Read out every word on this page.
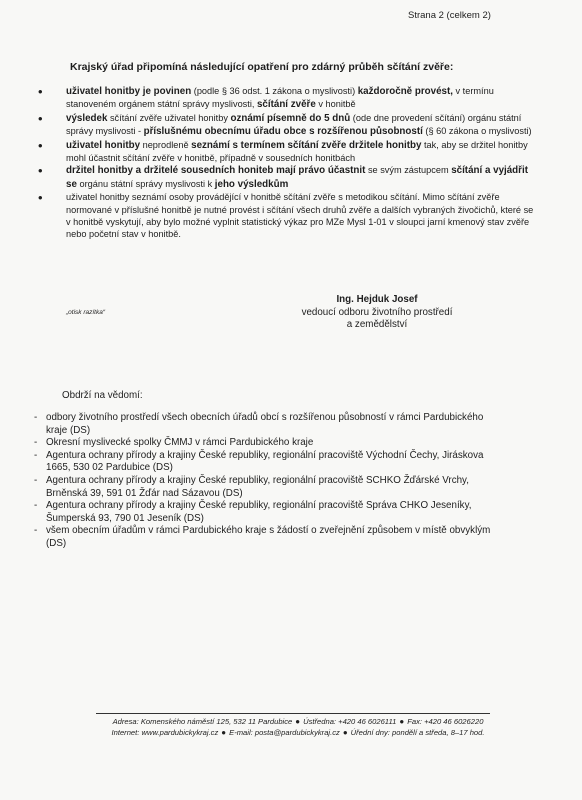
Strana 2 (celkem 2)
Krajský úřad připomíná následující opatření pro zdárný průběh sčítání zvěře:
• uživatel honitby je povinen (podle § 36 odst. 1 zákona o myslivosti) každoročně provést, v termínu stanoveném orgánem státní správy myslivosti, sčítání zvěře v honitbě
• výsledek sčítání zvěře uživatel honitby oznámí písemně do 5 dnů (ode dne provedení sčítání) orgánu státní správy myslivosti - příslušnému obecnímu úřadu obce s rozšířenou působností (§ 60 zákona o myslivosti)
• uživatel honitby neprodleně seznámí s termínem sčítání zvěře držitele honitby tak, aby se držitel honitby mohl účastnit sčítání zvěře v honitbě, případně v sousedních honitbách
• držitel honitby a držitelé sousedních honiteb mají právo účastnit se svým zástupcem sčítání a vyjádřit se orgánu státní správy myslivosti k jeho výsledkům
•	uživatel honitby seznámí osoby provádějící v honitbě sčítání zvěře s metodikou sčítání. Mimo sčítání zvěře normované v příslušné honitbě je nutné provést i sčítání všech druhů zvěře a dalších vybraných živočichů, které se v honitbě vyskytují, aby bylo možné vyplnit statistický výkaz pro MZe Mysl 1-01 v sloupci jarní kmenový stav zvěře nebo početní stav v honitbě.
„otisk razítka“
Ing. Hejduk Josef
vedoucí odboru životního prostředí
a zemědělství
Obdrží na vědomí:
- odbory životního prostředí všech obecních úřadů obcí s rozšířenou působností v rámci Pardubického kraje (DS)
- Okresní myslivecké spolky ČMMJ v rámci Pardubického kraje
- Agentura ochrany přírody a krajiny České republiky, regionální pracoviště Východní Čechy, Jiráskova 1665, 530 02 Pardubice (DS)
- Agentura ochrany přírody a krajiny České republiky, regionální pracoviště SCHKO Žďárské Vrchy, Brněnská 39, 591 01 Žďár nad Sázavou (DS)
- Agentura ochrany přírody a krajiny České republiky, regionální pracoviště Správa CHKO Jeseníky, Šumperská 93, 790 01 Jeseník (DS)
- všem obecním úřadům v rámci Pardubického kraje s žádostí o zveřejnění způsobem v místě obvyklým (DS)
Adresa: Komenského náměstí 125, 532 11 Pardubice ● Ústředna: +420 46 6026111 ● Fax: +420 46 6026220
Internet: www.pardubickykraj.cz ● E-mail: posta@pardubickykraj.cz ● Úřední dny: pondělí a středa, 8–17 hod.
